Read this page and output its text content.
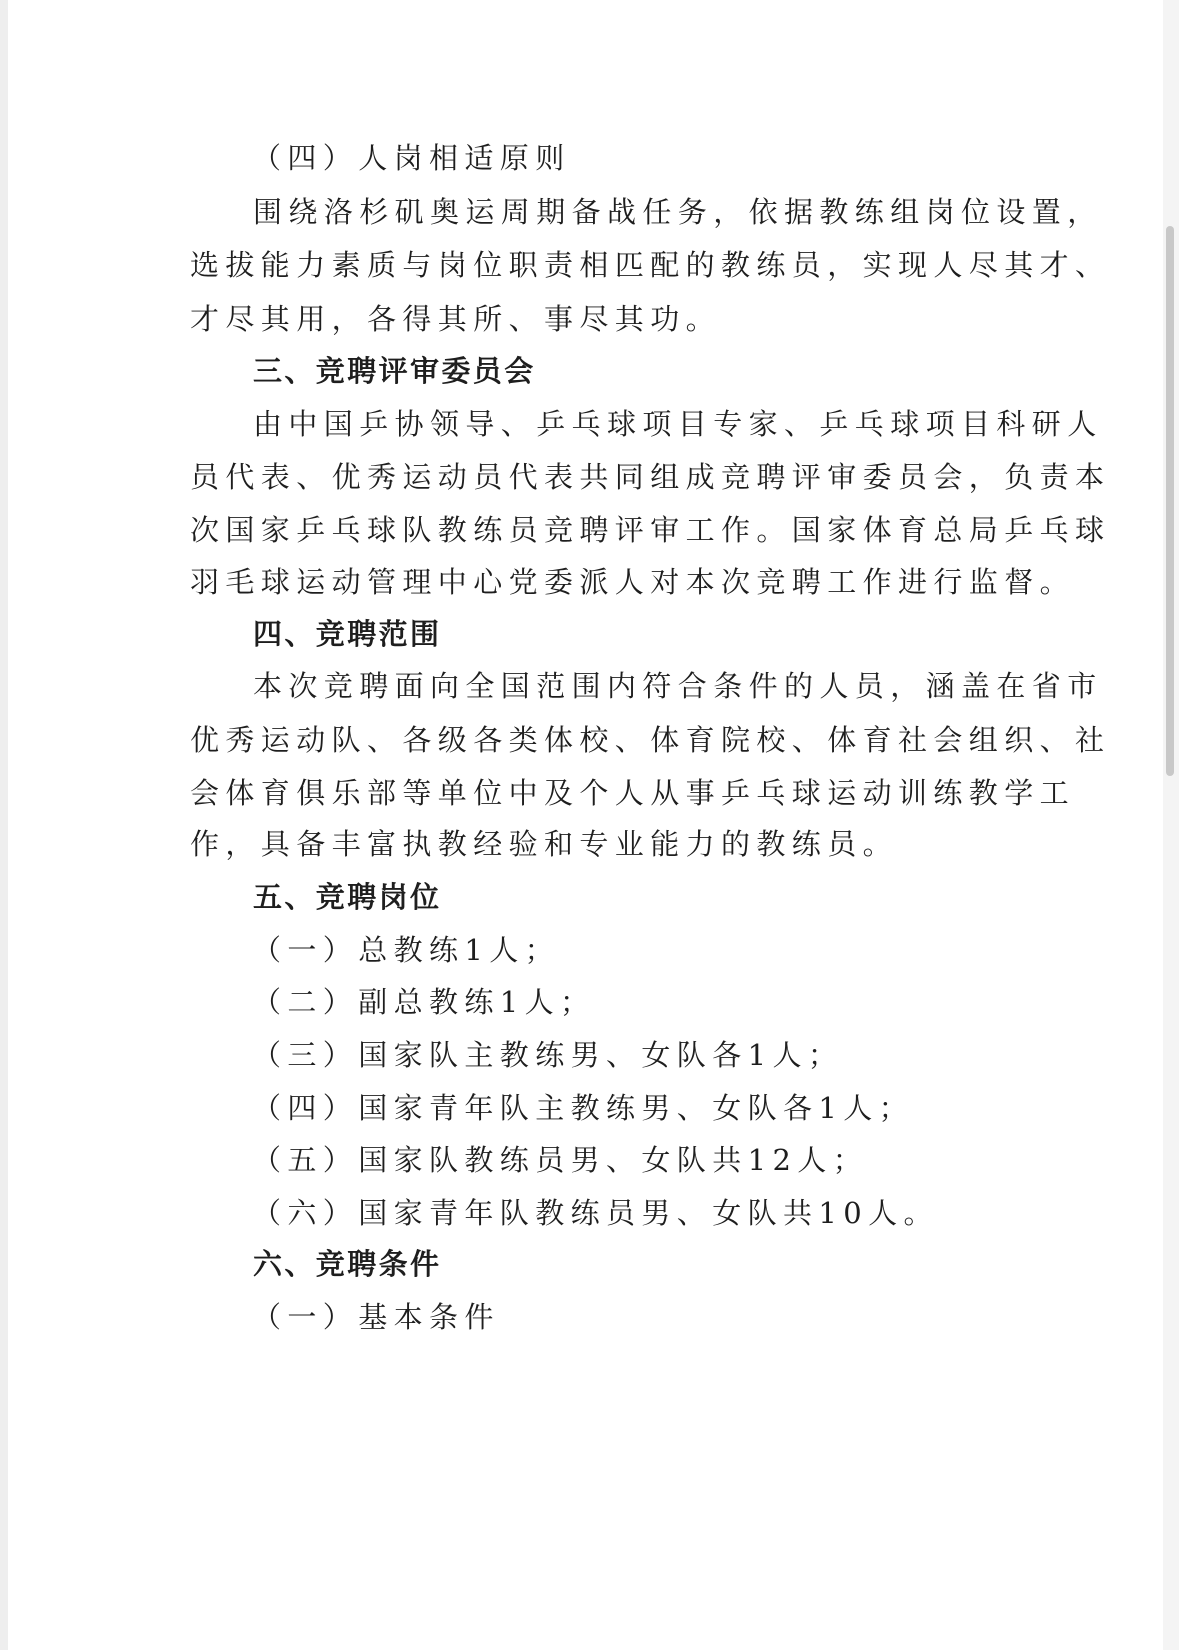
（四）人岗相适原则
围绕洛杉矶奥运周期备战任务，依据教练组岗位设置，
选拔能力素质与岗位职责相匹配的教练员，实现人尽其才、
才尽其用，各得其所、事尽其功。
三、竞聘评审委员会
由中国乒协领导、乒乓球项目专家、乒乓球项目科研人
员代表、优秀运动员代表共同组成竞聘评审委员会，负责本
次国家乒乓球队教练员竞聘评审工作。国家体育总局乒乓球
羽毛球运动管理中心党委派人对本次竞聘工作进行监督。
四、竞聘范围
本次竞聘面向全国范围内符合条件的人员，涵盖在省市
优秀运动队、各级各类体校、体育院校、体育社会组织、社
会体育俱乐部等单位中及个人从事乒乓球运动训练教学工
作，具备丰富执教经验和专业能力的教练员。
五、竞聘岗位
（一）总教练1人；
（二）副总教练1人；
（三）国家队主教练男、女队各1人；
（四）国家青年队主教练男、女队各1人；
（五）国家队教练员男、女队共12人；
（六）国家青年队教练员男、女队共10人。
六、竞聘条件
（一）基本条件
